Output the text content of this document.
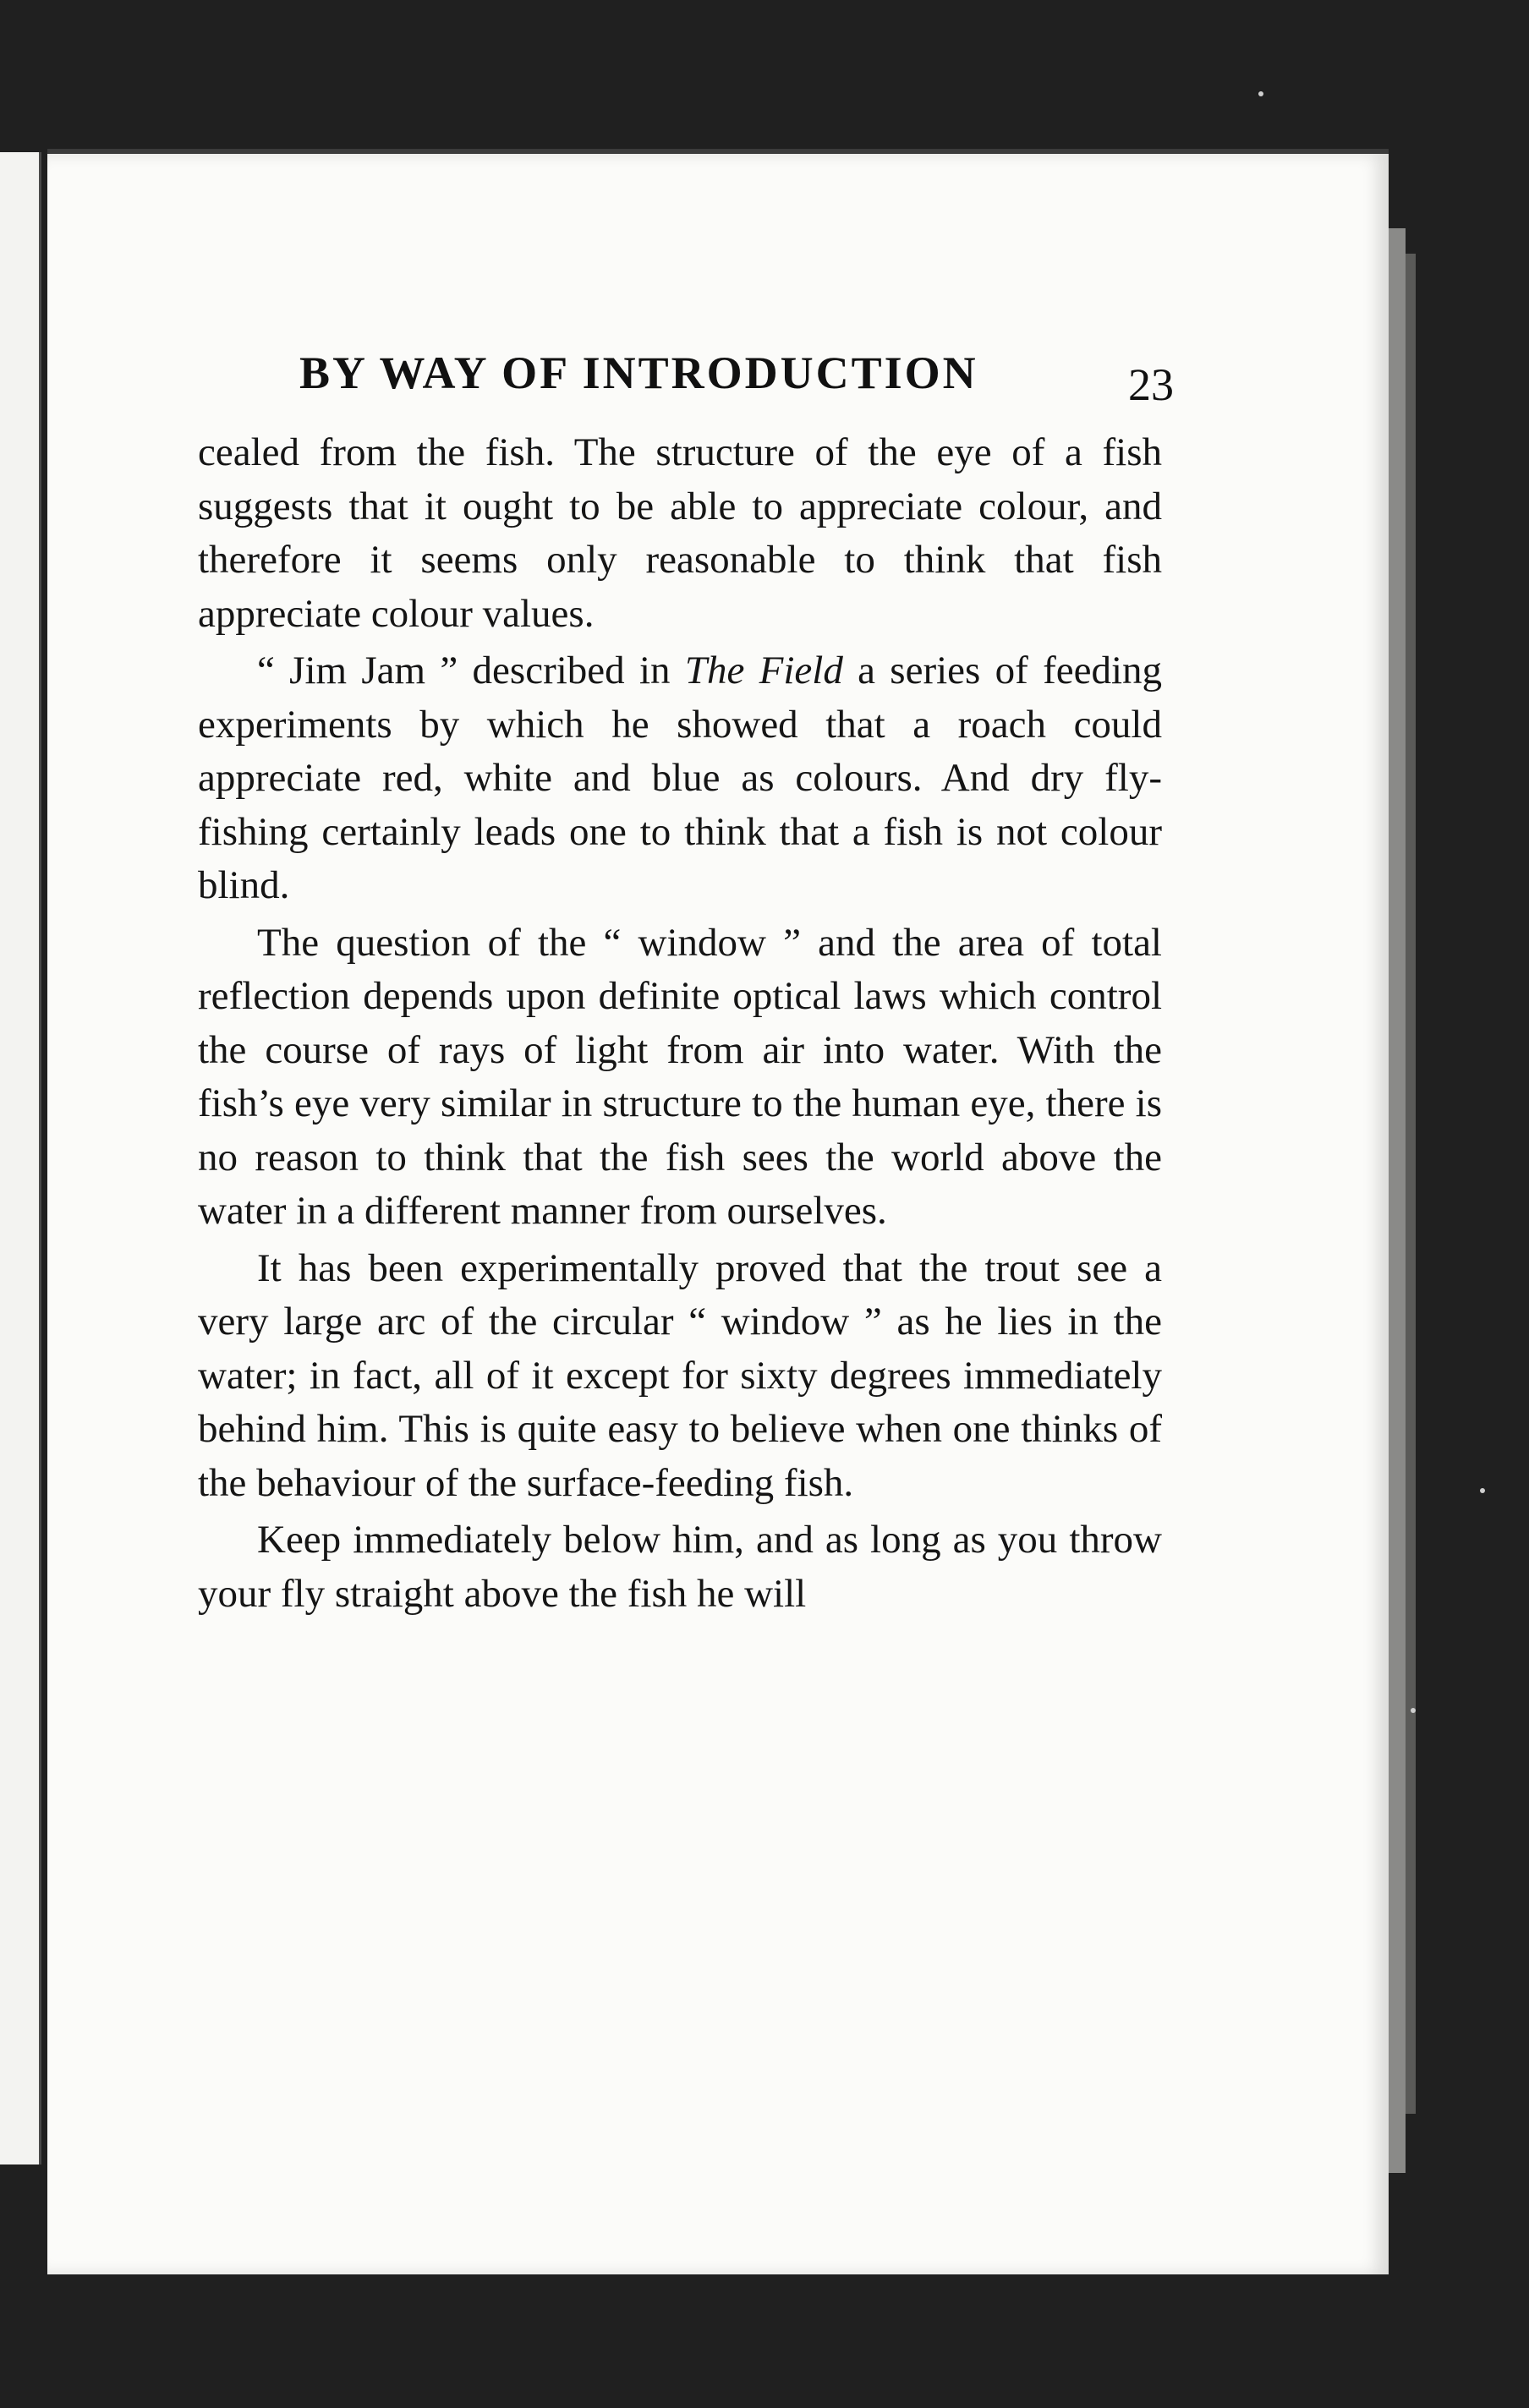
BY WAY OF INTRODUCTION	23

cealed from the fish. The structure of the eye of a fish suggests that it ought to be able to appreciate colour, and therefore it seems only reasonable to think that fish appreciate colour values.

“ Jim Jam ” described in The Field a series of feeding experiments by which he showed that a roach could appreciate red, white and blue as colours. And dry fly-fishing certainly leads one to think that a fish is not colour blind.

The question of the “ window ” and the area of total reflection depends upon definite optical laws which control the course of rays of light from air into water. With the fish’s eye very similar in structure to the human eye, there is no reason to think that the fish sees the world above the water in a different manner from ourselves.

It has been experimentally proved that the trout see a very large arc of the circular “ window ” as he lies in the water; in fact, all of it except for sixty degrees immediately behind him. This is quite easy to believe when one thinks of the behaviour of the surface-feeding fish.

Keep immediately below him, and as long as you throw your fly straight above the fish he will
